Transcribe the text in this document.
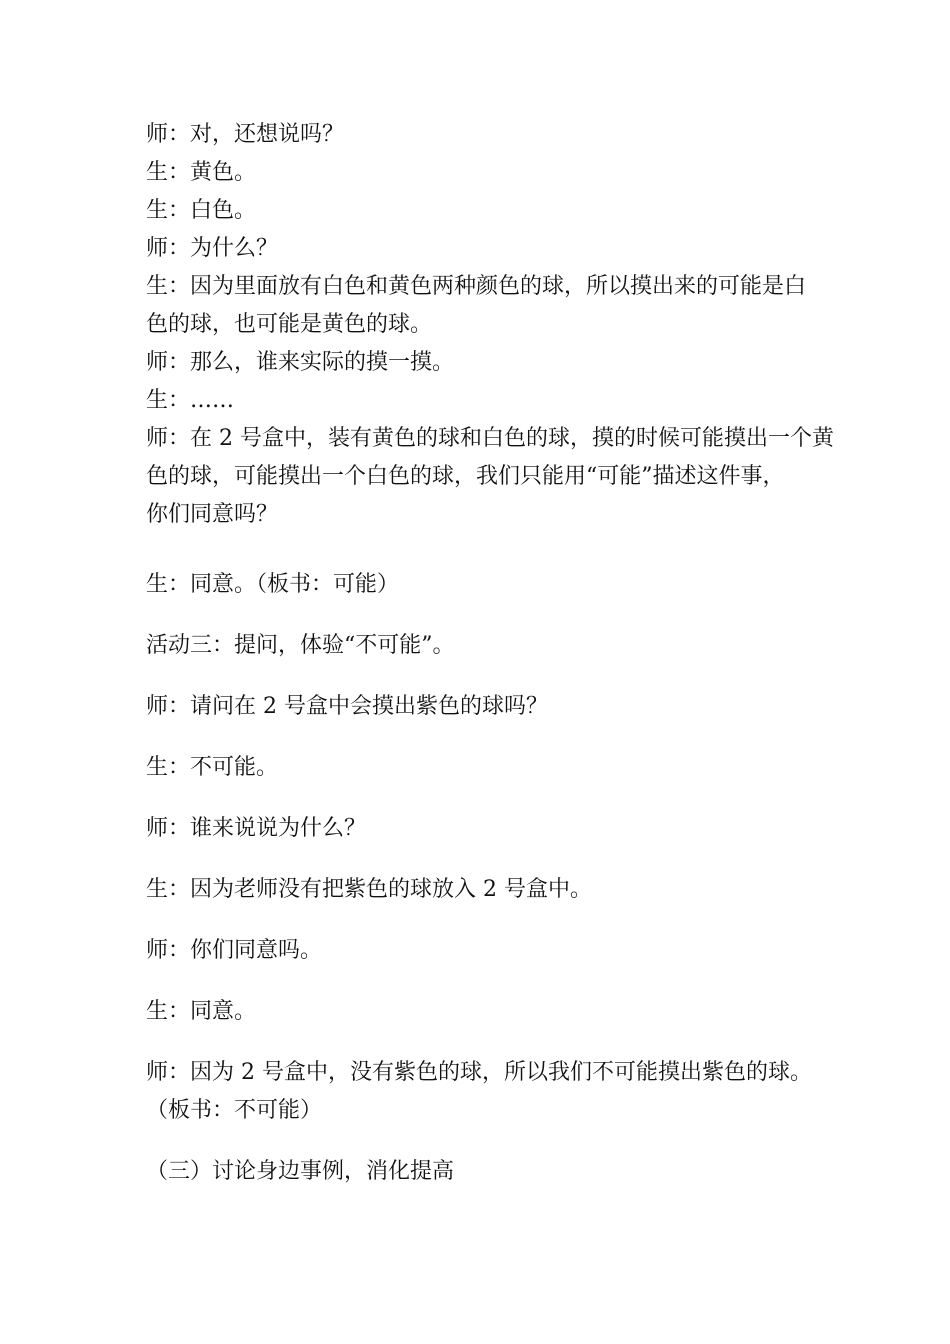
师：对，还想说吗？
生：黄色。
生：白色。
师：为什么？
生：因为里面放有白色和黄色两种颜色的球，所以摸出来的可能是白
色的球，也可能是黄色的球。
师：那么，谁来实际的摸一摸。
生：……
师：在 2 号盒中，装有黄色的球和白色的球，摸的时候可能摸出一个黄
色的球，可能摸出一个白色的球，我们只能用“可能”描述这件事，
你们同意吗？
生：同意。（板书：可能）
活动三：提问，体验“不可能”。
师：请问在 2 号盒中会摸出紫色的球吗？
生：不可能。
师：谁来说说为什么？
生：因为老师没有把紫色的球放入 2 号盒中。
师：你们同意吗。
生：同意。
师：因为 2 号盒中，没有紫色的球，所以我们不可能摸出紫色的球。
（板书：不可能）
（三）讨论身边事例，消化提高
